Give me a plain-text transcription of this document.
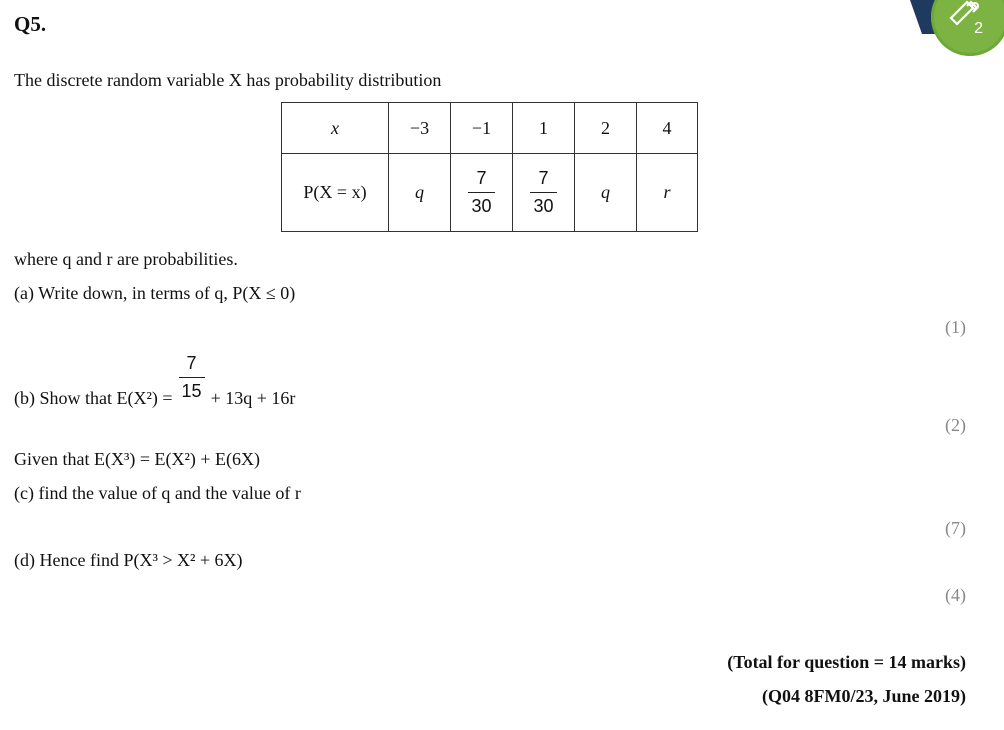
Q5.	2
The discrete random variable X has probability distribution
x	−3	−1	1	2	4
P(X = x)	q	$\frac{7}{30}$	$\frac{7}{30}$	q	r
where q and r are probabilities.
(a) Write down, in terms of q, P(X ≤ 0)
(1)
(b) Show that $E(X^2) = \frac{7}{15} + 13q + 16r$
(2)
Given that E(X³) = E(X²) + E(6X)
(c) find the value of q and the value of r
(7)
(d) Hence find P(X³ > X² + 6X)
(4)
(Total for question = 14 marks)
(Q04 8FM0/23, June 2019)
